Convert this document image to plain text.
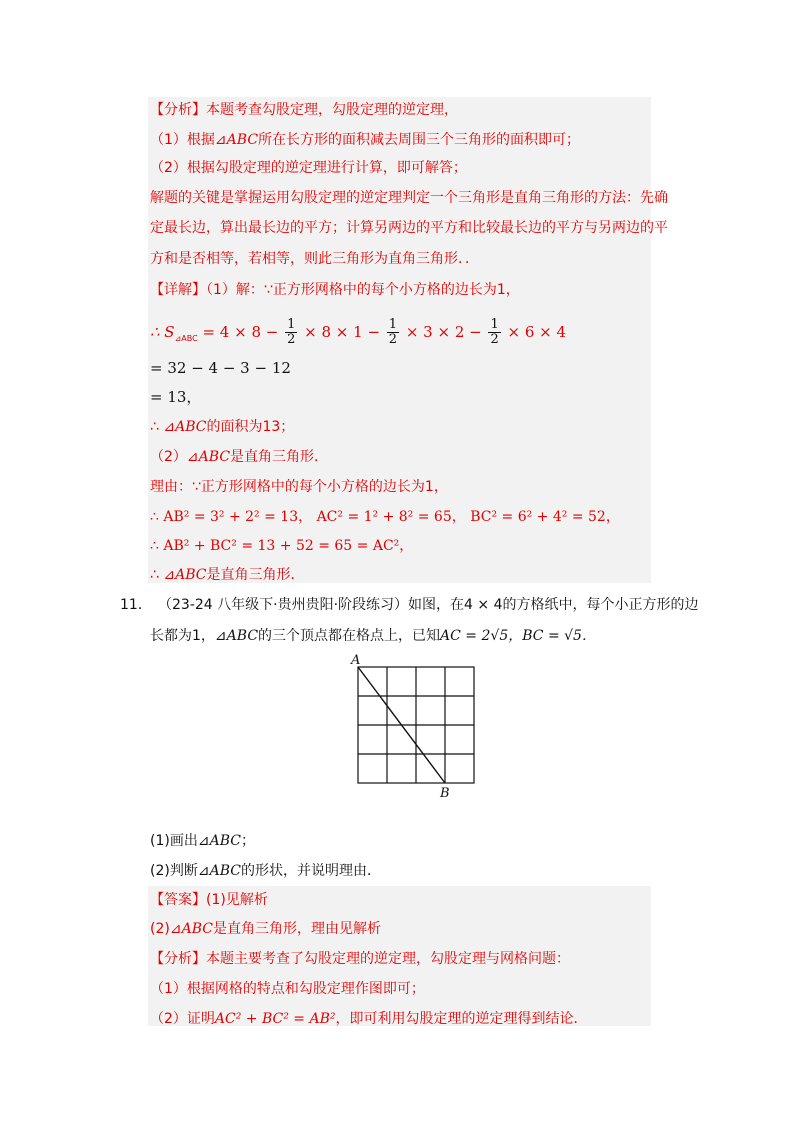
【分析】本题考查勾股定理，勾股定理的逆定理，
（1）根据⊿ABC所在长方形的面积减去周围三个三角形的面积即可；
（2）根据勾股定理的逆定理进行计算，即可解答；
解题的关键是掌握运用勾股定理的逆定理判定一个三角形是直角三角形的方法：先确
定最长边，算出最长边的平方；计算另两边的平方和比较最长边的平方与另两边的平
方和是否相等，若相等，则此三角形为直角三角形．．
【详解】（1）解：∵正方形网格中的每个小方格的边长为1，
∴ $S_{⊿ABC} = 4 \times 8 - \frac{1}{2} \times 8 \times 1 - \frac{1}{2} \times 3 \times 2 - \frac{1}{2} \times 6 \times 4$
= 32 − 4 − 3 − 12
= 13，
∴ ⊿ABC的面积为13；
（2）⊿ABC是直角三角形．
理由：∵正方形网格中的每个小方格的边长为1，
∴ AB² = 3² + 2² = 13， AC² = 1² + 8² = 65， BC² = 6² + 4² = 52，
∴ AB² + BC² = 13 + 52 = 65 = AC²，
∴ ⊿ABC是直角三角形．
11． （23-24 八年级下·贵州贵阳·阶段练习）如图，在4 × 4的方格纸中，每个小正方形的边
长都为1，⊿ABC的三个顶点都在格点上，已知AC = 2√5，BC = √5．
A
B
(1)画出⊿ABC；
(2)判断⊿ABC的形状，并说明理由．
【答案】(1)见解析
(2)⊿ABC是直角三角形，理由见解析
【分析】本题主要考查了勾股定理的逆定理，勾股定理与网格问题：
（1）根据网格的特点和勾股定理作图即可；
（2）证明AC² + BC² = AB²，即可利用勾股定理的逆定理得到结论．
